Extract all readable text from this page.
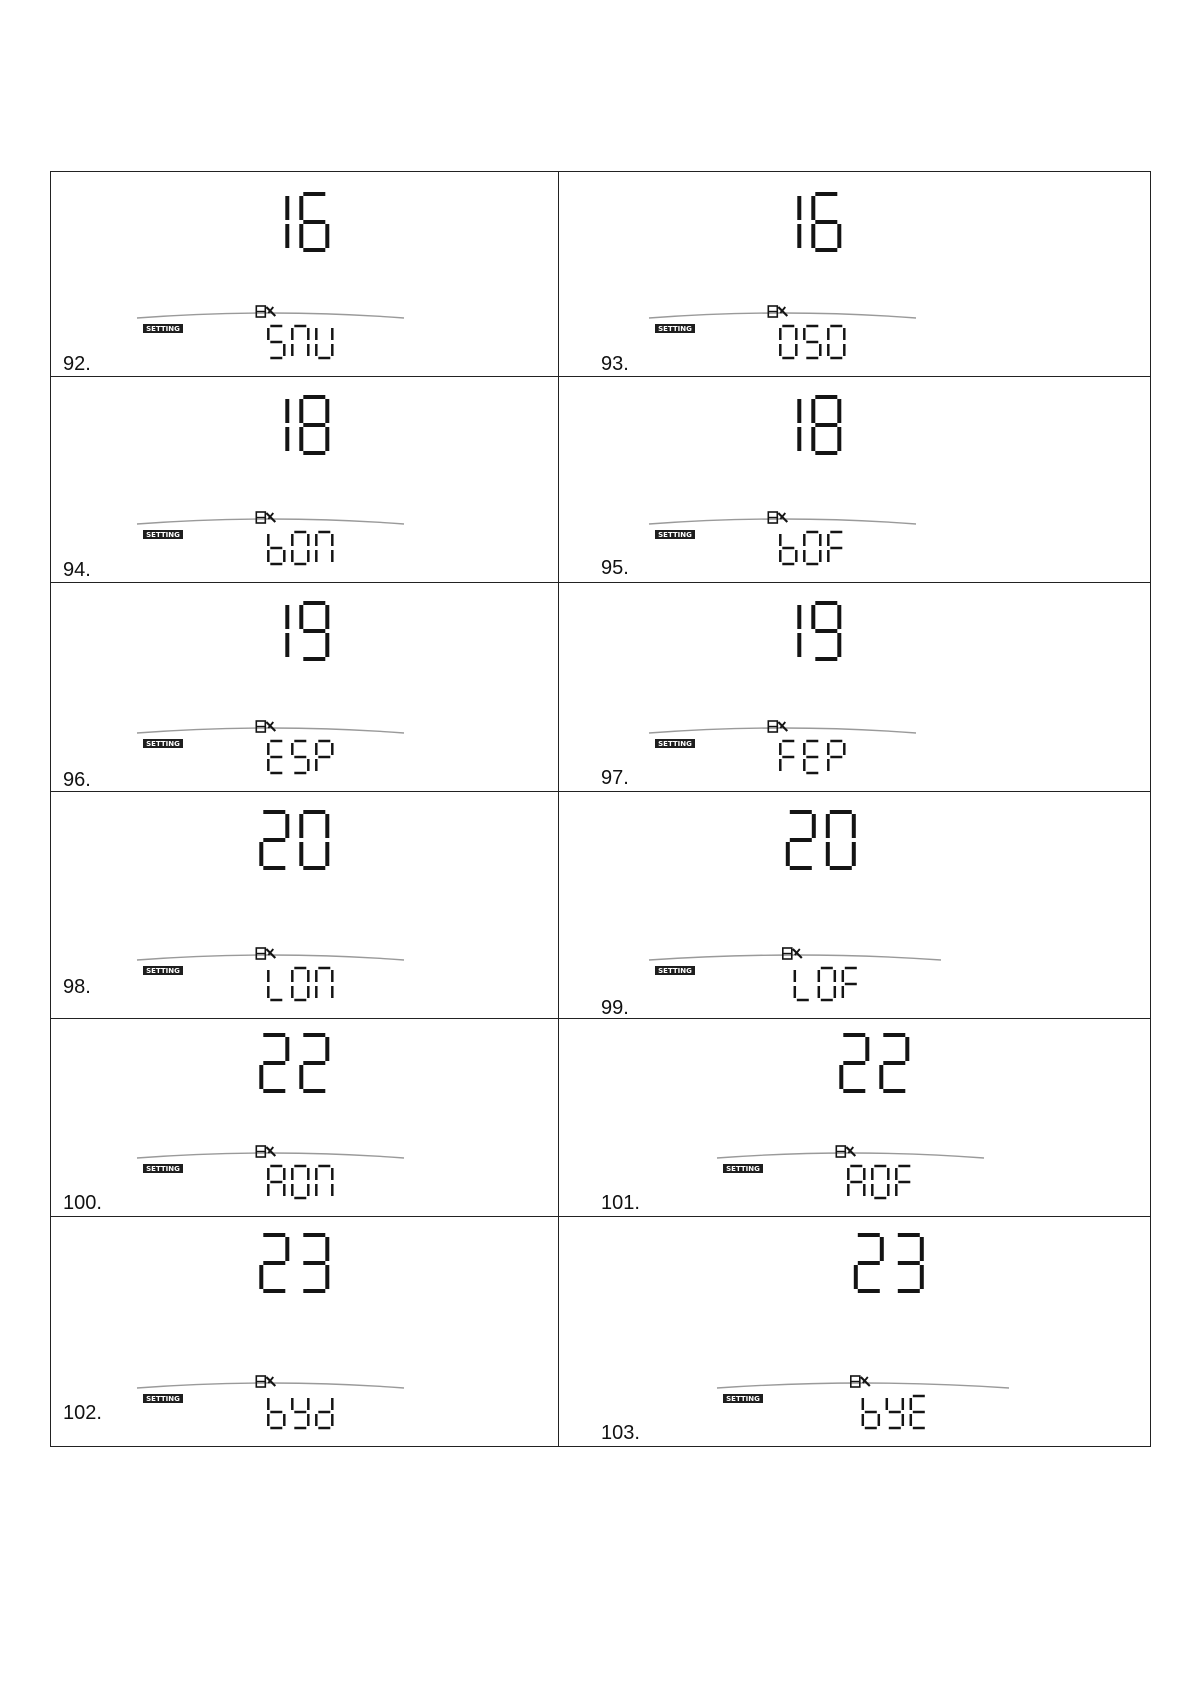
SETTING
92.
SETTING
93.
SETTING
94.
SETTING
95.
SETTING
96.
SETTING
97.
SETTING
98.
SETTING
99.
SETTING
100.
SETTING
101.
SETTING
102.
SETTING
103.
